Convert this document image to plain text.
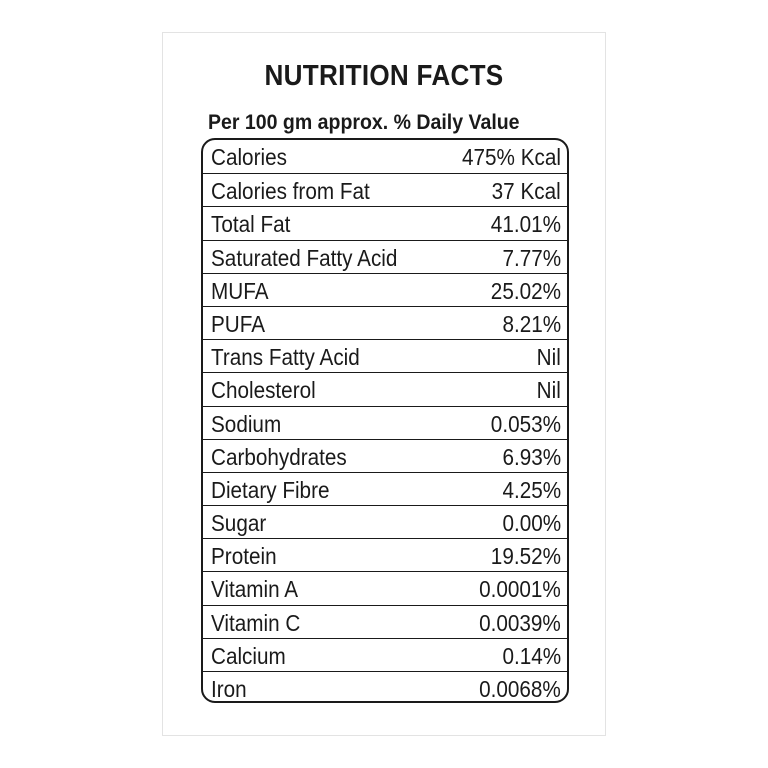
NUTRITION FACTS

Per 100 gm approx. % Daily Value

Calories	475% Kcal
Calories from Fat	37 Kcal
Total Fat	41.01%
Saturated Fatty Acid	7.77%
MUFA	25.02%
PUFA	8.21%
Trans Fatty Acid	Nil
Cholesterol	Nil
Sodium	0.053%
Carbohydrates	6.93%
Dietary Fibre	4.25%
Sugar	0.00%
Protein	19.52%
Vitamin A	0.0001%
Vitamin C	0.0039%
Calcium	0.14%
Iron	0.0068%
